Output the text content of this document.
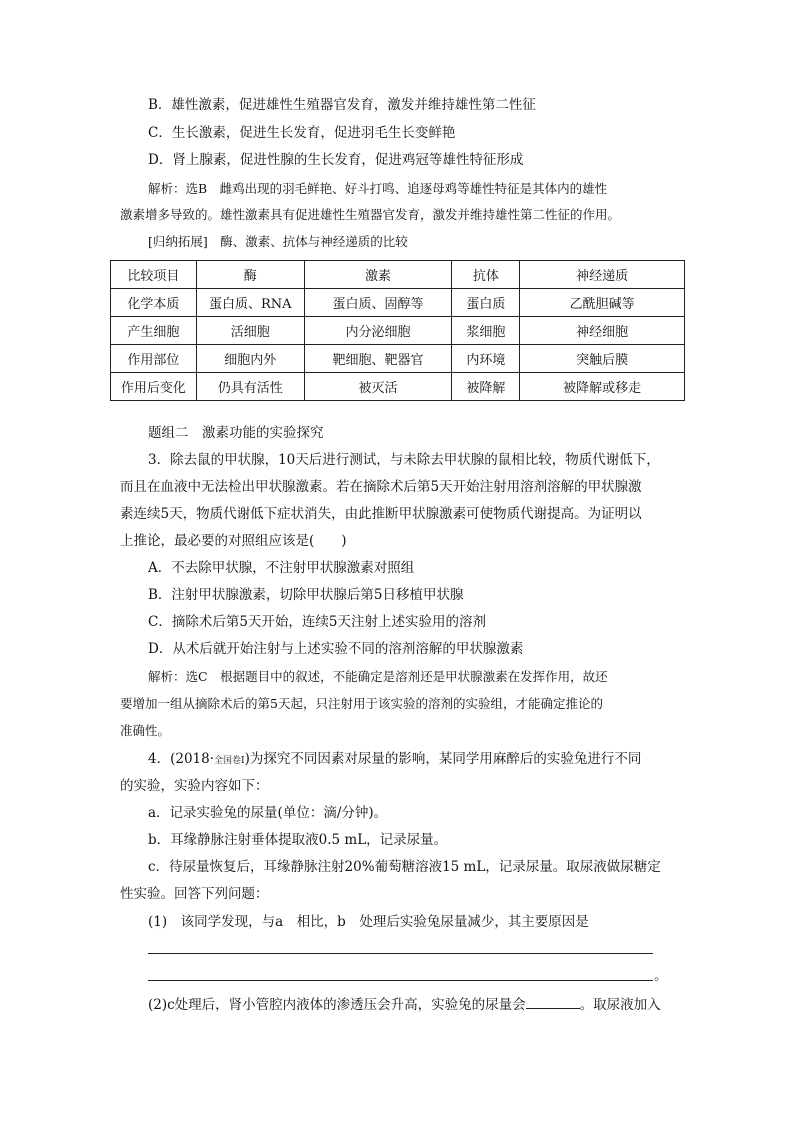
B．雄性激素，促进雄性生殖器官发育，激发并维持雄性第二性征
C．生长激素，促进生长发育，促进羽毛生长变鲜艳
D．肾上腺素，促进性腺的生长发育，促进鸡冠等雄性特征形成
解析：选B　雌鸡出现的羽毛鲜艳、好斗打鸣、追逐母鸡等雄性特征是其体内的雄性
激素增多导致的。雄性激素具有促进雄性生殖器官发育，激发并维持雄性第二性征的作用。
[归纳拓展]　酶、激素、抗体与神经递质的比较
比较项目	酶	激素	抗体	神经递质
化学本质	蛋白质、RNA	蛋白质、固醇等	蛋白质	乙酰胆碱等
产生细胞	活细胞	内分泌细胞	浆细胞	神经细胞
作用部位	细胞内外	靶细胞、靶器官	内环境	突触后膜
作用后变化	仍具有活性	被灭活	被降解	被降解或移走
题组二　激素功能的实验探究
3．除去鼠的甲状腺，10天后进行测试，与未除去甲状腺的鼠相比较，物质代谢低下，
而且在血液中无法检出甲状腺激素。若在摘除术后第5天开始注射用溶剂溶解的甲状腺激
素连续5天，物质代谢低下症状消失，由此推断甲状腺激素可使物质代谢提高。为证明以
上推论，最必要的对照组应该是(　　)
A．不去除甲状腺，不注射甲状腺激素对照组
B．注射甲状腺激素，切除甲状腺后第5日移植甲状腺
C．摘除术后第5天开始，连续5天注射上述实验用的溶剂
D．从术后就开始注射与上述实验不同的溶剂溶解的甲状腺激素
解析：选C　根据题目中的叙述，不能确定是溶剂还是甲状腺激素在发挥作用，故还
要增加一组从摘除术后的第5天起，只注射用于该实验的溶剂的实验组，才能确定推论的
准确性。
4．(2018·全国卷Ⅰ)为探究不同因素对尿量的影响，某同学用麻醉后的实验兔进行不同
的实验，实验内容如下：
a．记录实验兔的尿量(单位：滴/分钟)。
b．耳缘静脉注射垂体提取液0.5 mL，记录尿量。
c．待尿量恢复后，耳缘静脉注射20%葡萄糖溶液15 mL，记录尿量。取尿液做尿糖定
性实验。回答下列问题：
(1)　该同学发现，与a　相比，b　处理后实验兔尿量减少，其主要原因是
。
(2)c处理后，肾小管腔内液体的渗透压会升高，实验兔的尿量会	。取尿液加入
